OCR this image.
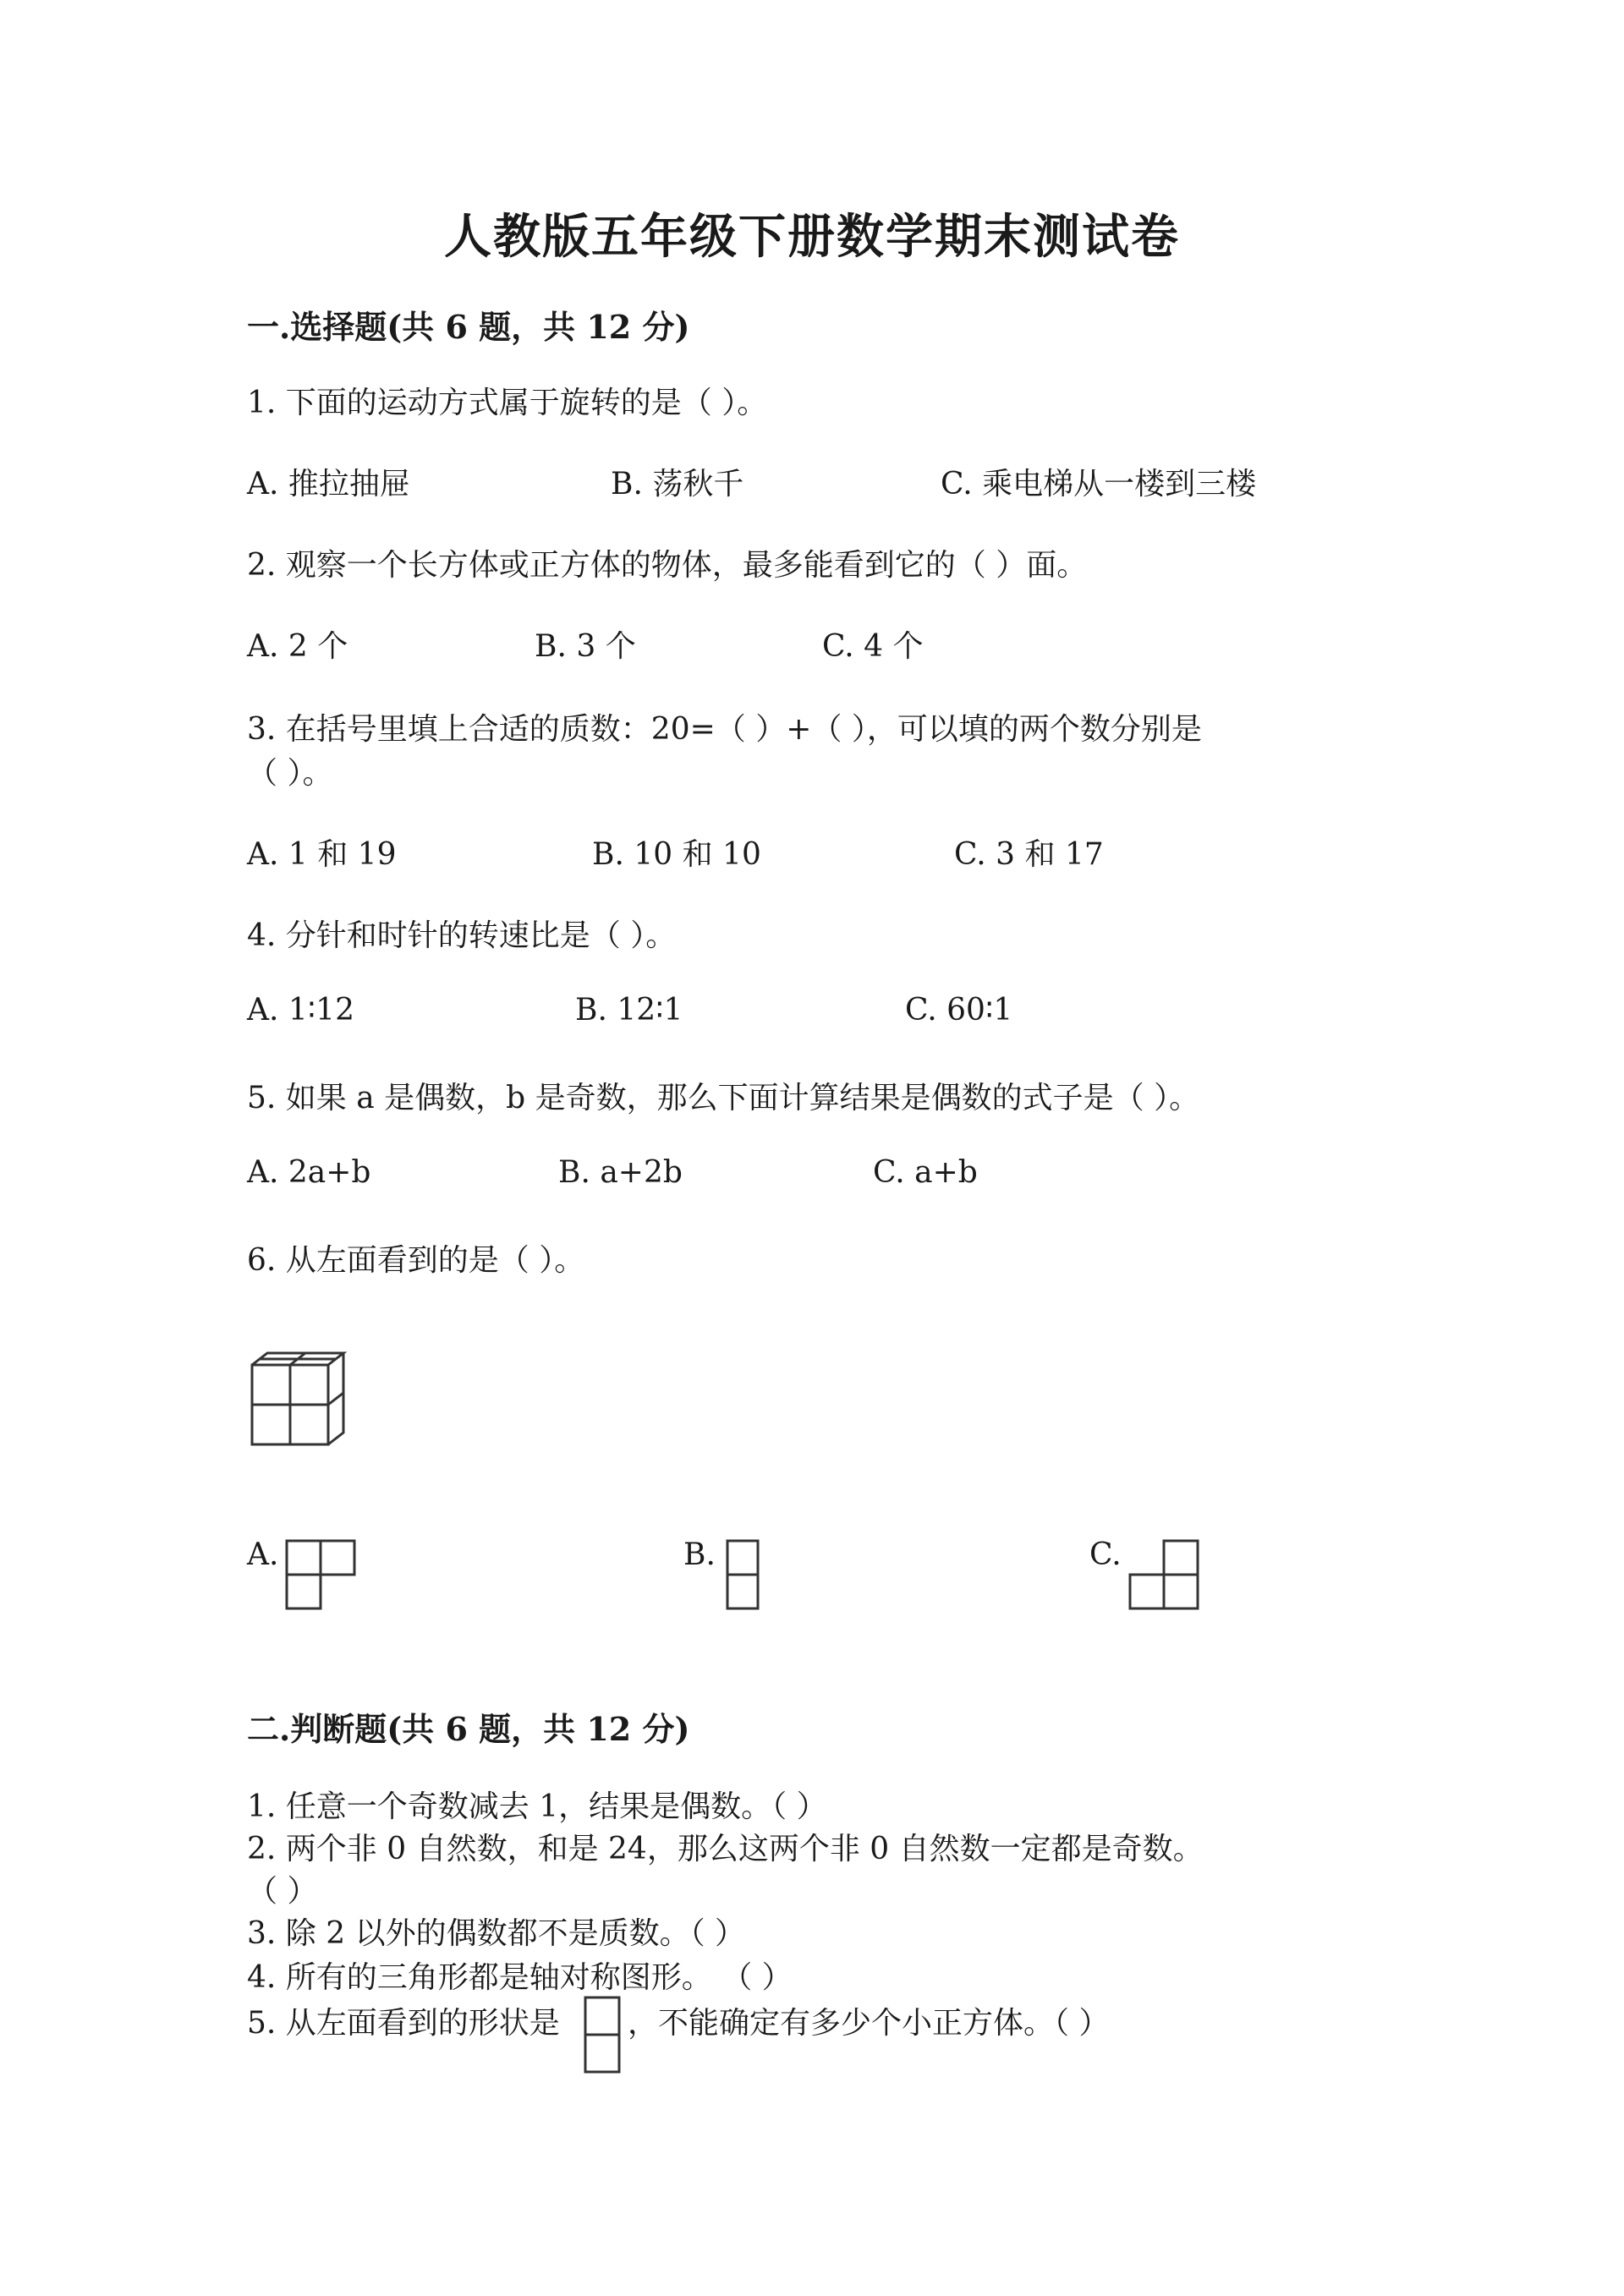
人教版五年级下册数学期末测试卷
一.选择题(共 6 题，共 12 分)
1. 下面的运动方式属于旋转的是（ ）。
A. 推拉抽屉	B. 荡秋千	C. 乘电梯从一楼到三楼
2. 观察一个长方体或正方体的物体，最多能看到它的（ ）面。
A. 2 个	B. 3 个	C. 4 个
3. 在括号里填上合适的质数：20=（ ）+（ ），可以填的两个数分别是
（ ）。
A. 1 和 19	B. 10 和 10	C. 3 和 17
4. 分针和时针的转速比是（ ）。
A. 1∶12	B. 12∶1	C. 60∶1
5. 如果 a 是偶数，b 是奇数，那么下面计算结果是偶数的式子是（ ）。
A. 2a+b	B. a+2b	C. a+b
6. 从左面看到的是（ ）。
A.	B.	C.
二.判断题(共 6 题，共 12 分)
1. 任意一个奇数减去 1，结果是偶数。（ ）
2. 两个非 0 自然数，和是 24，那么这两个非 0 自然数一定都是奇数。
（ ）
3. 除 2 以外的偶数都不是质数。（ ）
4. 所有的三角形都是轴对称图形。 （ ）
5. 从左面看到的形状是 ，不能确定有多少个小正方体。（ ）
